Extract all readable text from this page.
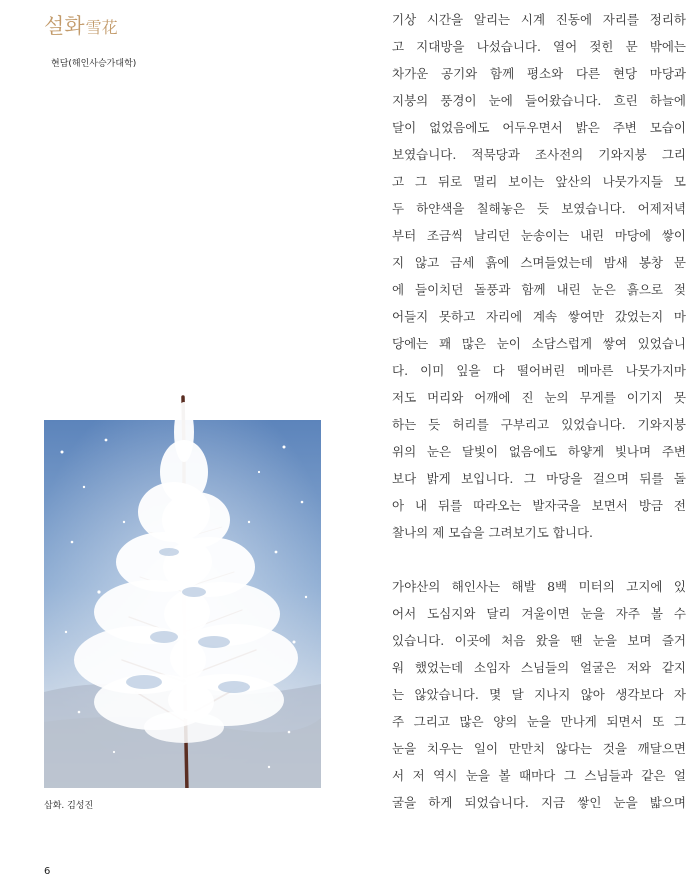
설화雪花
현담(해인사승가대학)
삽화. 김성진
6

기상 시간을 알리는 시계 진동에 자리를 정리하
고 지대방을 나섰습니다. 열어 젖힌 문 밖에는
차가운 공기와 함께 평소와 다른 현당 마당과
지붕의 풍경이 눈에 들어왔습니다. 흐린 하늘에
달이 없었음에도 어두우면서 밝은 주변 모습이
보였습니다. 적묵당과 조사전의 기와지붕 그리
고 그 뒤로 멀리 보이는 앞산의 나뭇가지들 모
두 하얀색을 칠해놓은 듯 보였습니다. 어제저녁
부터 조금씩 날리던 눈송이는 내린 마당에 쌓이
지 않고 금세 흙에 스며들었는데 밤새 봉창 문
에 들이치던 돌풍과 함께 내린 눈은 흙으로 젖
어들지 못하고 자리에 계속 쌓여만 갔었는지 마
당에는 꽤 많은 눈이 소담스럽게 쌓여 있었습니
다. 이미 잎을 다 떨어버린 메마른 나뭇가지마
저도 머리와 어깨에 진 눈의 무게를 이기지 못
하는 듯 허리를 구부리고 있었습니다. 기와지붕
위의 눈은 달빛이 없음에도 하얗게 빛나며 주변
보다 밝게 보입니다. 그 마당을 걸으며 뒤를 돌
아 내 뒤를 따라오는 발자국을 보면서 방금 전
찰나의 제 모습을 그려보기도 합니다.

가야산의 해인사는 해발 8백 미터의 고지에 있
어서 도심지와 달리 겨울이면 눈을 자주 볼 수
있습니다. 이곳에 처음 왔을 땐 눈을 보며 즐거
워 했었는데 소임자 스님들의 얼굴은 저와 같지
는 않았습니다. 몇 달 지나지 않아 생각보다 자
주 그리고 많은 양의 눈을 만나게 되면서 또 그
눈을 치우는 일이 만만치 않다는 것을 깨달으면
서 저 역시 눈을 볼 때마다 그 스님들과 같은 얼
굴을 하게 되었습니다. 지금 쌓인 눈을 밟으며
